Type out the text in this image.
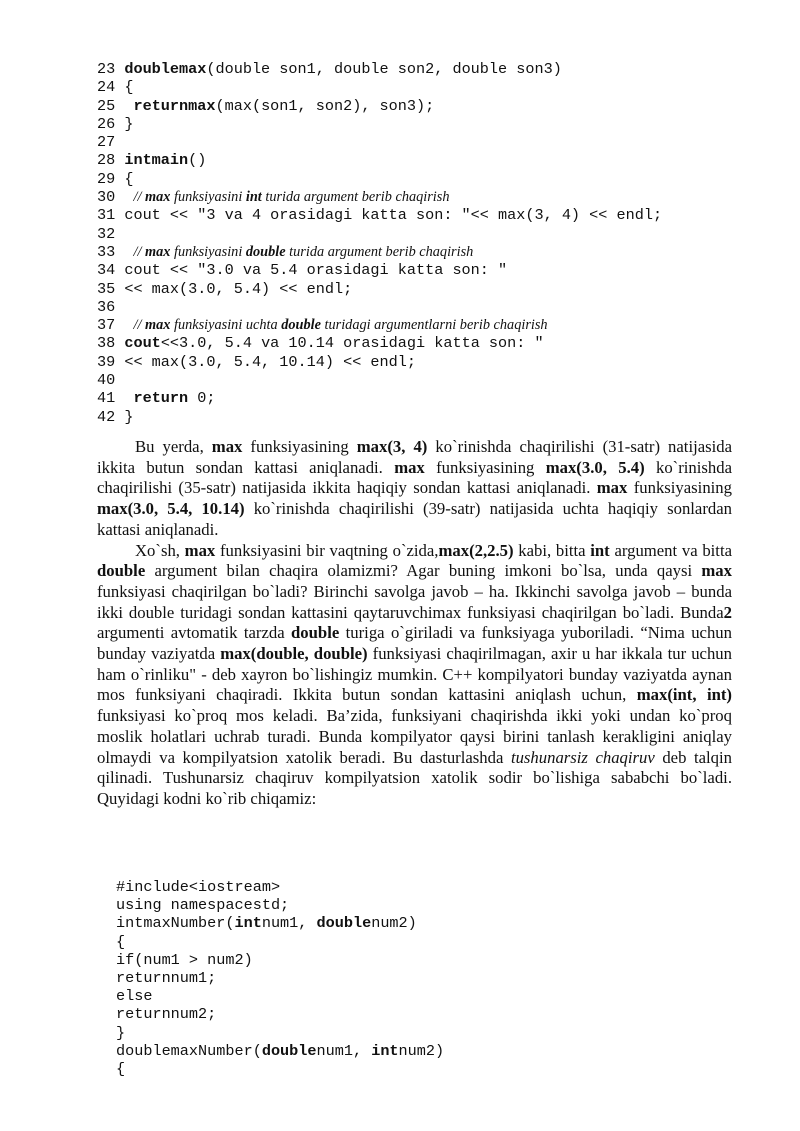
23 doublemax(double son1, double son2, double son3)
24 {
25  returnmax(max(son1, son2), son3);
26 }
27
28 intmain()
29 {
30  // max funksiyasini int turida argument berib chaqirish
31 cout << "3 va 4 orasidagi katta son: "<< max(3, 4) << endl;
32
33  // max funksiyasini double turida argument berib chaqirish
34 cout << "3.0 va 5.4 orasidagi katta son: "
35 << max(3.0, 5.4) << endl;
36
37  // max funksiyasini uchta double turidagi argumentlarni berib chaqirish
38 cout<<3.0, 5.4 va 10.14 orasidagi katta son: "
39 << max(3.0, 5.4, 10.14) << endl;
40
41  return 0;
42 }

Bu yerda, max funksiyasining max(3, 4) ko`rinishda chaqirilishi (31-satr) natijasida ikkita butun sondan kattasi aniqlanadi. max funksiyasining max(3.0, 5.4) ko`rinishda chaqirilishi (35-satr) natijasida ikkita haqiqiy sondan kattasi aniqlanadi. max funksiyasining max(3.0, 5.4, 10.14) ko`rinishda chaqirilishi (39-satr) natijasida uchta haqiqiy sonlardan kattasi aniqlanadi.

Xo`sh, max funksiyasini bir vaqtning o`zida,max(2,2.5) kabi, bitta int argument va bitta double argument bilan chaqira olamizmi? Agar buning imkoni bo`lsa, unda qaysi max funksiyasi chaqirilgan bo`ladi? Birinchi savolga javob – ha. Ikkinchi savolga javob – bunda ikki double turidagi sondan kattasini qaytaruvchimax funksiyasi chaqirilgan bo`ladi. Bunda2 argumenti avtomatik tarzda double turiga o`giriladi va funksiyaga yuboriladi. “Nima uchun bunday vaziyatda max(double, double) funksiyasi chaqirilmagan, axir u har ikkala tur uchun ham o`rinliku" - deb xayron bo`lishingiz mumkin. C++ kompilyatori bunday vaziyatda aynan mos funksiyani chaqiradi. Ikkita butun sondan kattasini aniqlash uchun, max(int, int) funksiyasi ko`proq mos keladi. Ba’zida, funksiyani chaqirishda ikki yoki undan ko`proq moslik holatlari uchrab turadi. Bunda kompilyator qaysi birini tanlash kerakligini aniqlay olmaydi va kompilyatsion xatolik beradi. Bu dasturlashda tushunarsiz chaqiruv deb talqin qilinadi. Tushunarsiz chaqiruv kompilyatsion xatolik sodir bo`lishiga sababchi bo`ladi. Quyidagi kodni ko`rib chiqamiz:

#include<iostream>
using namespacestd;
intmaxNumber(intnum1, doublenum2)
{
if(num1 > num2)
returnnum1;
else
returnnum2;
}
doublemaxNumber(doublenum1, intnum2)
{
